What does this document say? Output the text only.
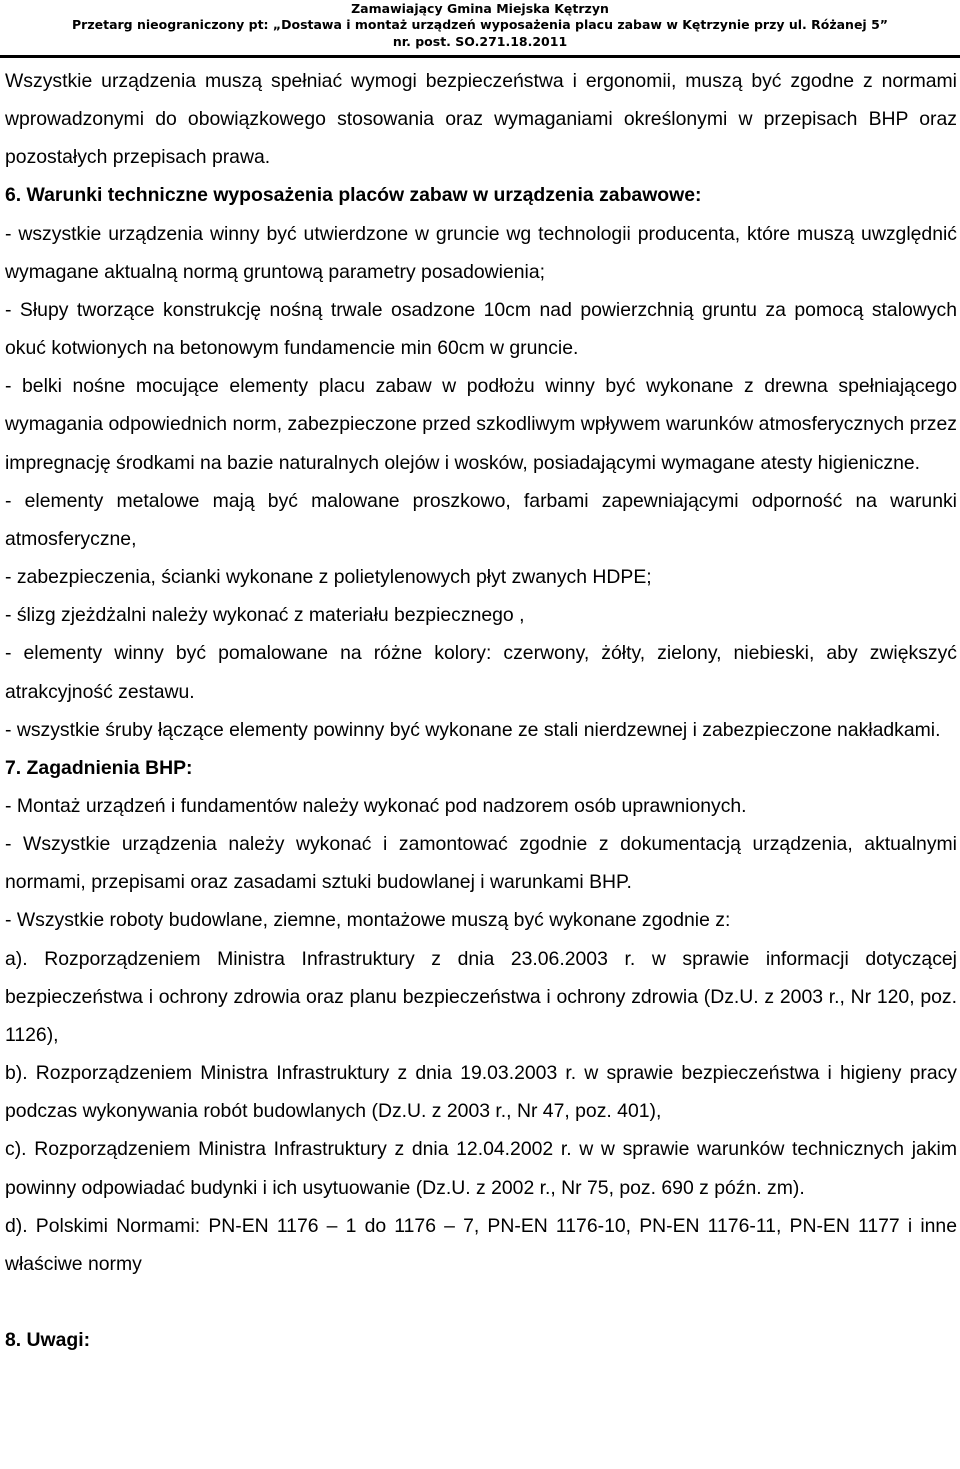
Zamawiający Gmina Miejska Kętrzyn
Przetarg nieograniczony pt: „Dostawa i montaż urządzeń wyposażenia placu zabaw w Kętrzynie przy ul. Różanej 5”
nr. post. SO.271.18.2011

Wszystkie urządzenia muszą spełniać wymogi bezpieczeństwa i ergonomii, muszą być zgodne z normami wprowadzonymi do obowiązkowego stosowania oraz wymaganiami określonymi w przepisach BHP oraz pozostałych przepisach prawa.

6. Warunki techniczne wyposażenia placów zabaw w urządzenia zabawowe:

- wszystkie urządzenia winny być utwierdzone w gruncie wg technologii producenta, które muszą uwzględnić wymagane aktualną normą gruntową parametry posadowienia;

- Słupy tworzące konstrukcję nośną trwale osadzone 10cm nad powierzchnią gruntu za pomocą stalowych okuć kotwionych na betonowym fundamencie min 60cm w gruncie.

- belki nośne mocujące elementy placu zabaw w podłożu winny być wykonane z drewna spełniającego wymagania odpowiednich norm, zabezpieczone przed szkodliwym wpływem warunków atmosferycznych przez impregnację środkami na bazie naturalnych olejów i wosków, posiadającymi wymagane atesty higieniczne.

- elementy metalowe mają być malowane proszkowo, farbami zapewniającymi odporność na warunki atmosferyczne,

- zabezpieczenia, ścianki wykonane z polietylenowych płyt zwanych HDPE;

- ślizg zjeżdżalni należy wykonać z materiału bezpiecznego ,

- elementy winny być pomalowane na różne kolory: czerwony, żółty, zielony, niebieski, aby zwiększyć atrakcyjność zestawu.

- wszystkie śruby łączące elementy powinny być wykonane ze stali nierdzewnej i zabezpieczone nakładkami.

7. Zagadnienia BHP:

- Montaż urządzeń i fundamentów należy wykonać pod nadzorem osób uprawnionych.

- Wszystkie urządzenia należy wykonać i zamontować zgodnie z dokumentacją urządzenia, aktualnymi normami, przepisami oraz zasadami sztuki budowlanej i warunkami BHP.

- Wszystkie roboty budowlane, ziemne, montażowe muszą być wykonane zgodnie z:

a). Rozporządzeniem Ministra Infrastruktury z dnia 23.06.2003 r. w sprawie informacji dotyczącej bezpieczeństwa i ochrony zdrowia oraz planu bezpieczeństwa i ochrony zdrowia (Dz.U. z 2003 r., Nr 120, poz. 1126),

b). Rozporządzeniem Ministra Infrastruktury z dnia 19.03.2003 r. w sprawie bezpieczeństwa i higieny pracy podczas wykonywania robót budowlanych (Dz.U. z 2003 r., Nr 47, poz. 401),

c). Rozporządzeniem Ministra Infrastruktury z dnia 12.04.2002 r. w w sprawie warunków technicznych jakim powinny odpowiadać budynki i ich usytuowanie (Dz.U. z 2002 r., Nr 75, poz. 690 z późn. zm).

d). Polskimi Normami: PN-EN 1176 – 1 do 1176 – 7, PN-EN 1176-10, PN-EN 1176-11, PN-EN 1177 i inne właściwe normy

8. Uwagi:
